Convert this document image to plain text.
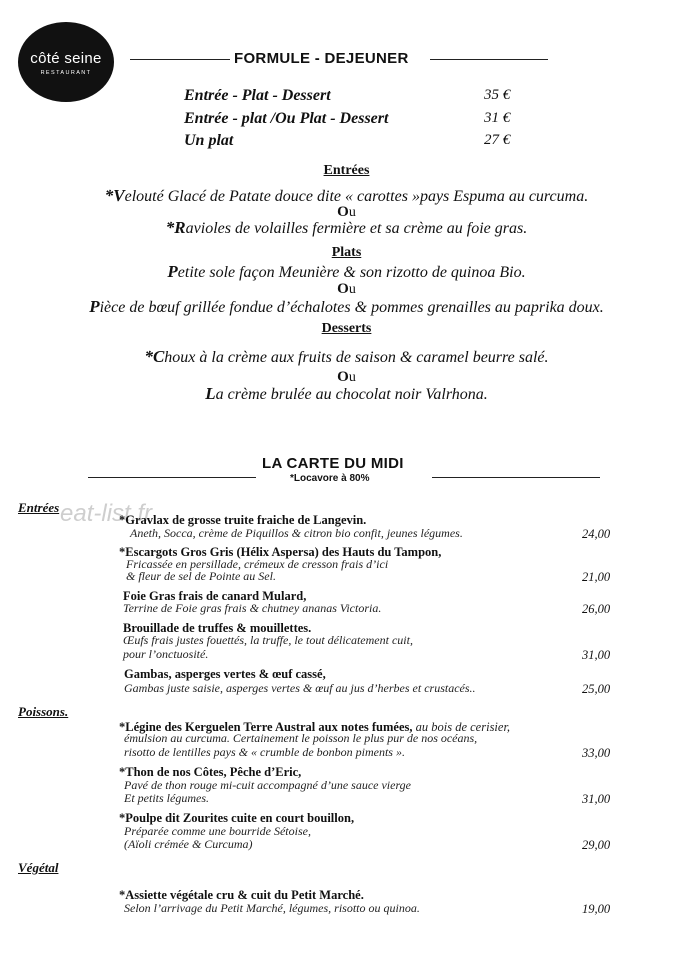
côté seine
RESTAURANT
FORMULE - DEJEUNER
Entrée - Plat - Dessert	35 €
Entrée - plat /Ou Plat - Dessert	31 €
Un plat	27 €
Entrées
*Velouté Glacé de Patate douce dite « carottes »pays Espuma au curcuma.
Ou
*Ravioles de volailles fermière et sa crème au foie gras.
Plats
Petite sole façon Meunière & son rizotto de quinoa Bio.
Ou
Pièce de bœuf grillée fondue d’échalotes & pommes grenailles au paprika doux.
Desserts
*Choux à la crème aux fruits de saison & caramel beurre salé.
Ou
La crème brulée au chocolat noir Valrhona.
LA CARTE DU MIDI
*Locavore à 80%
eat-list.fr
Entrées
*Gravlax de grosse truite fraiche de Langevin.
Aneth, Socca, crème de Piquillos & citron bio confit, jeunes légumes.	24,00
*Escargots Gros Gris (Hélix Aspersa) des Hauts du Tampon,
Fricassée en persillade, crémeux de cresson frais d’ici
& fleur de sel de Pointe au Sel.	21,00
Foie Gras frais de canard Mulard,
Terrine de Foie gras frais & chutney ananas Victoria.	26,00
Brouillade de truffes & mouillettes.
Œufs frais justes fouettés, la truffe, le tout délicatement cuit,
pour l’onctuosité.	31,00
Gambas, asperges vertes & œuf cassé,
Gambas juste saisie, asperges vertes & œuf au jus d’herbes et crustacés..	25,00
Poissons.
*Légine des Kerguelen Terre Austral aux notes fumées, au bois de cerisier,
émulsion au curcuma. Certainement le poisson le plus pur de nos océans,
risotto de lentilles pays & « crumble de bonbon piments ».	33,00
*Thon de nos Côtes, Pêche d’Eric,
Pavé de thon rouge mi-cuit accompagné d’une sauce vierge
Et petits légumes.	31,00
*Poulpe dit Zourites cuite en court bouillon,
Préparée comme une bourride Sétoise,
(Aïoli crémée & Curcuma)	29,00
Végétal
*Assiette végétale cru & cuit du Petit Marché.
Selon l’arrivage du Petit Marché, légumes, risotto ou quinoa.	19,00
